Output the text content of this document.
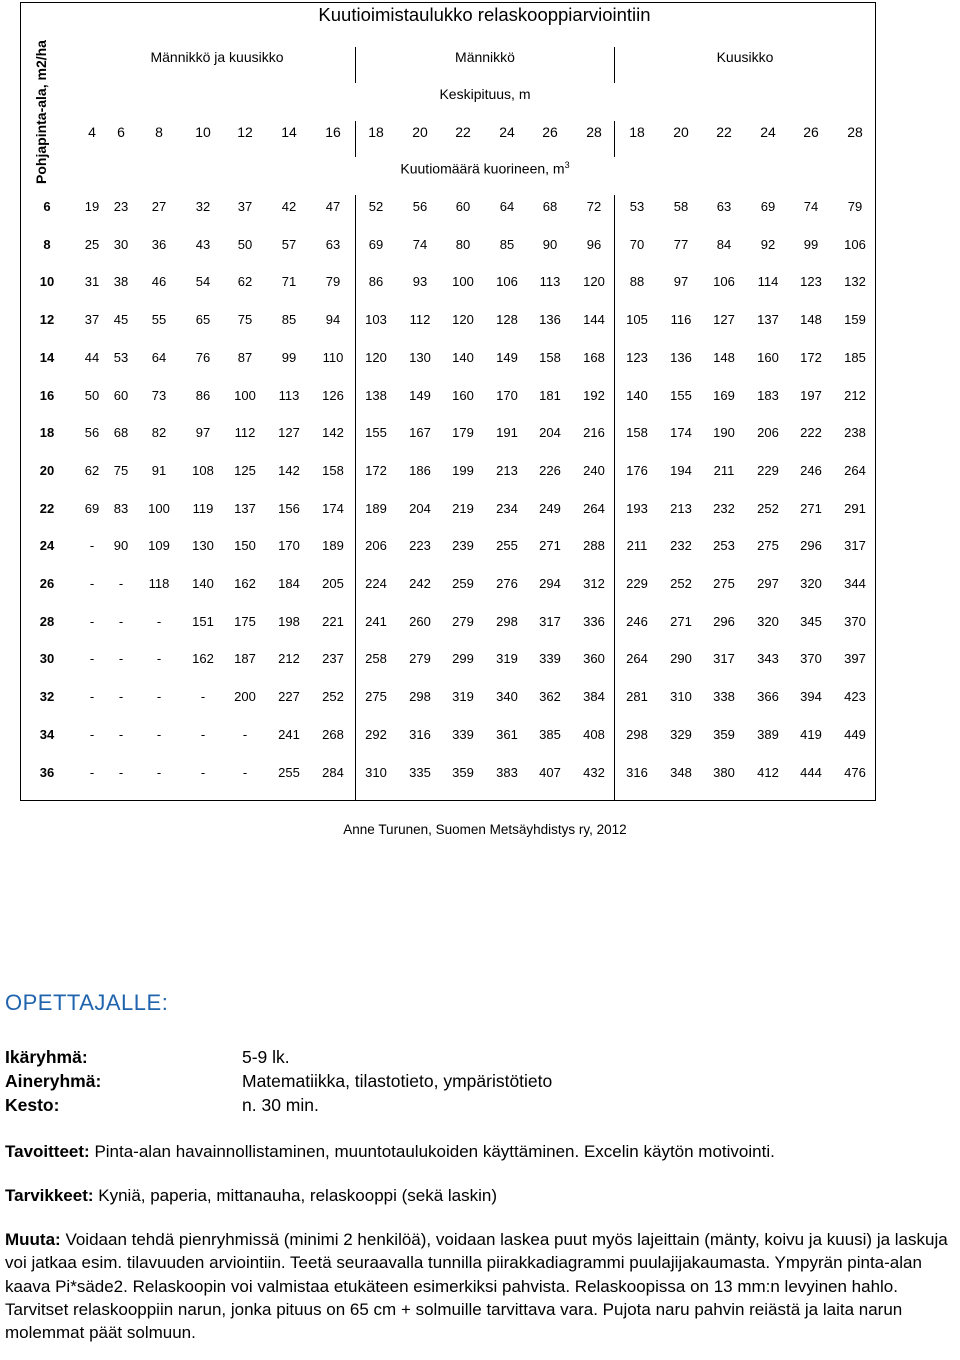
Kuutioimistaulukko relaskooppiarviointiin
Pohjapinta-ala, m2/ha	Männikkö ja kuusikko	Männikkö	Kuusikko
Keskipituus, m
Kuutiomäärä kuorineen, $m^3$
4 6 8 10 12 14 16 18 20 22 24 26 28 18 20 22 24 26 28
6	19 23 27 32 37 42 47 52 56 60 64 68 72 53 58 63 69 74 79
8	25 30 36 43 50 57 63 69 74 80 85 90 96 70 77 84 92 99 106
10 31 38 46 54 62 71 79 86 93 100 106 113 120 88 97 106 114 123 132
12 37 45 55 65 75 85 94 103 112 120 128 136 144 105 116 127 137 148 159
14 44 53 64 76 87 99 110 120 130 140 149 158 168 123 136 148 160 172 185
16 50 60 73 86 100 113 126 138 149 160 170 181 192 140 155 169 183 197 212
18 56 68 82 97 112 127 142 155 167 179 191 204 216 158 174 190 206 222 238
20 62 75 91 108 125 142 158 172 186 199 213 226 240 176 194 211 229 246 264
22 69 83 100 119 137 156 174 189 204 219 234 249 264 193 213 232 252 271 291
24	- 90 109 130 150 170 189 206 223 239 255 271 288 211 232 253 275 296 317
26	- - 118 140 162 184 205 224 242 259 276 294 312 229 252 275 297 320 344
28	- -	- 151 175 198 221 241 260 279 298 317 336 246 271 296 320 345 370
30	- -	- 162 187 212 237 258 279 299 319 339 360 264 290 317 343 370 397
32	- -	-	- 200 227 252 275 298 319 340 362 384 281 310 338 366 394 423
34	- -	-	-	- 241 268 292 316 339 361 385 408 298 329 359 389 419 449
36	- -	-	-	- 255 284 310 335 359 383 407 432 316 348 380 412 444 476
Anne Turunen, Suomen Metsäyhdistys ry, 2012
OPETTAJALLE:
Ikäryhmä:	5-9 lk.
Aineryhmä:	Matematiikka, tilastotieto, ympäristötieto
Kesto:	n. 30 min.
Tavoitteet: Pinta-alan havainnollistaminen, muuntotaulukoiden käyttäminen. Excelin käytön motivointi.
Tarvikkeet: Kyniä, paperia, mittanauha, relaskooppi (sekä laskin)
Muuta: Voidaan tehdä pienryhmissä (minimi 2 henkilöä), voidaan laskea puut myös lajeittain (mänty, koivu ja kuusi) ja laskuja voi jatkaa esim. tilavuuden arviointiin. Teetä seuraavalla tunnilla piirakkadiagrammi puulajijakaumasta. Ympyrän pinta-alan kaava Pi*säde2. Relaskoopin voi valmistaa etukäteen esimerkiksi pahvista. Relaskoopissa on 13 mm:n levyinen hahlo. Tarvitset relaskooppiin narun, jonka pituus on 65 cm + solmuille tarvittava vara. Pujota naru pahvin reiästä ja laita narun molemmat päät solmuun.
